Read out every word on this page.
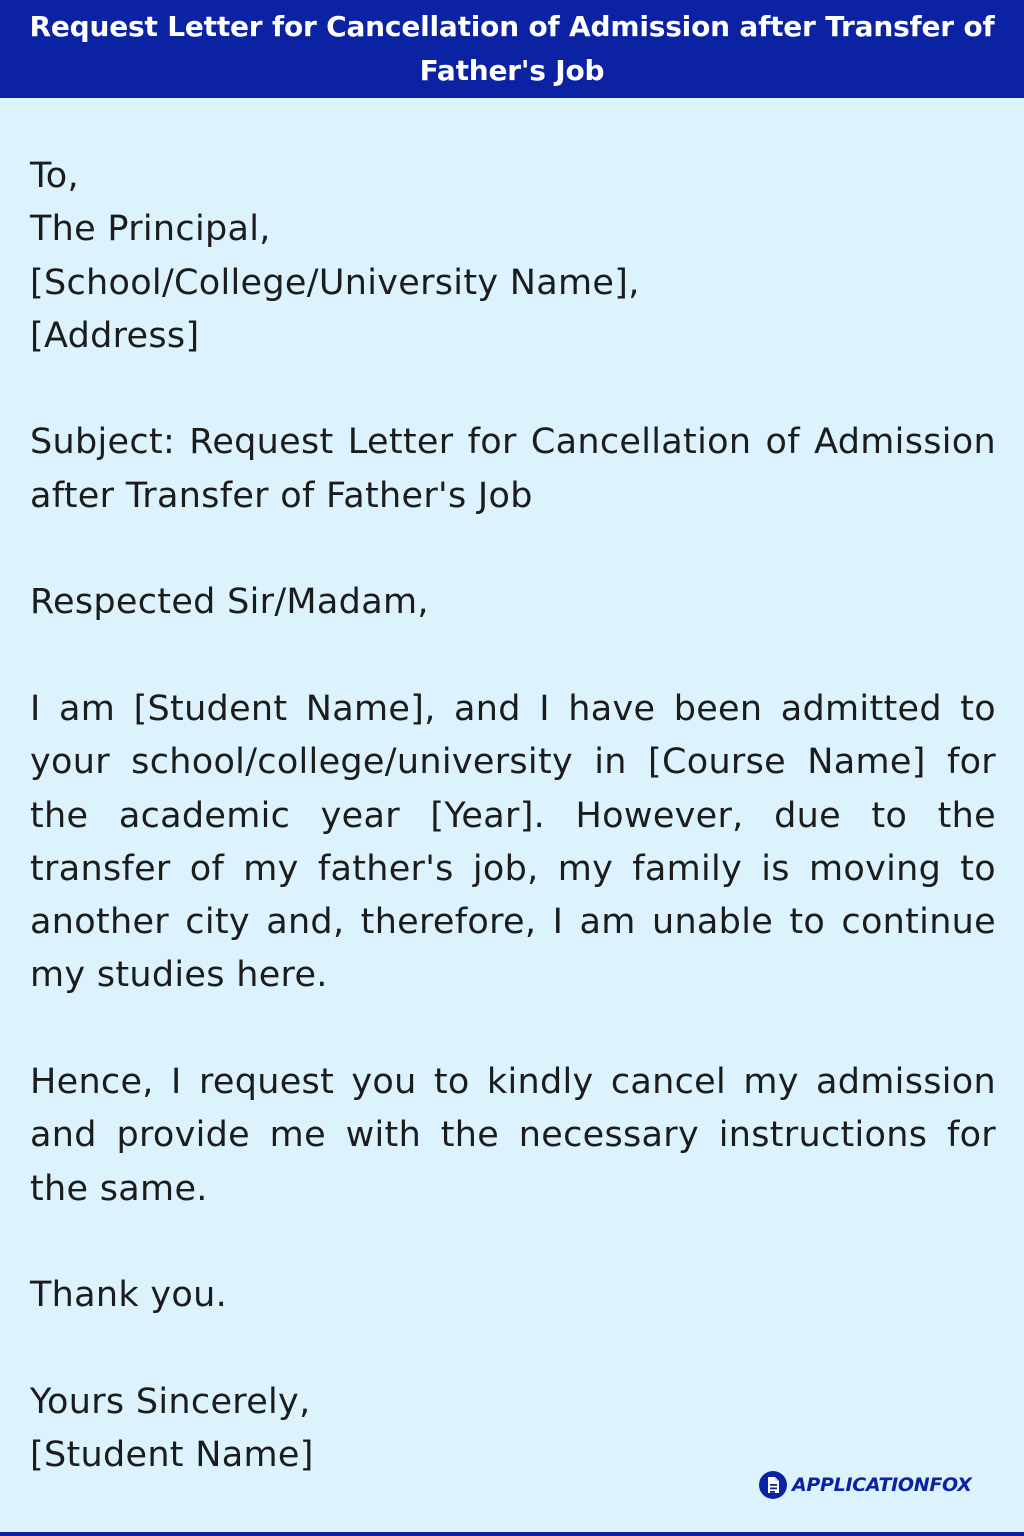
Request Letter for Cancellation of Admission after Transfer of Father's Job

To,

The Principal,

[School/College/University Name],

[Address]

Subject: Request Letter for Cancellation of Admission after Transfer of Father's Job

Respected Sir/Madam,

I am [Student Name], and I have been admitted to your school/college/university in [Course Name] for the academic year [Year]. However, due to the transfer of my father's job, my family is moving to another city and, therefore, I am unable to continue my studies here.

Hence, I request you to kindly cancel my admission and provide me with the necessary instructions for the same.

Thank you.

Yours Sincerely,

[Student Name]

APPLICATIONFOX
